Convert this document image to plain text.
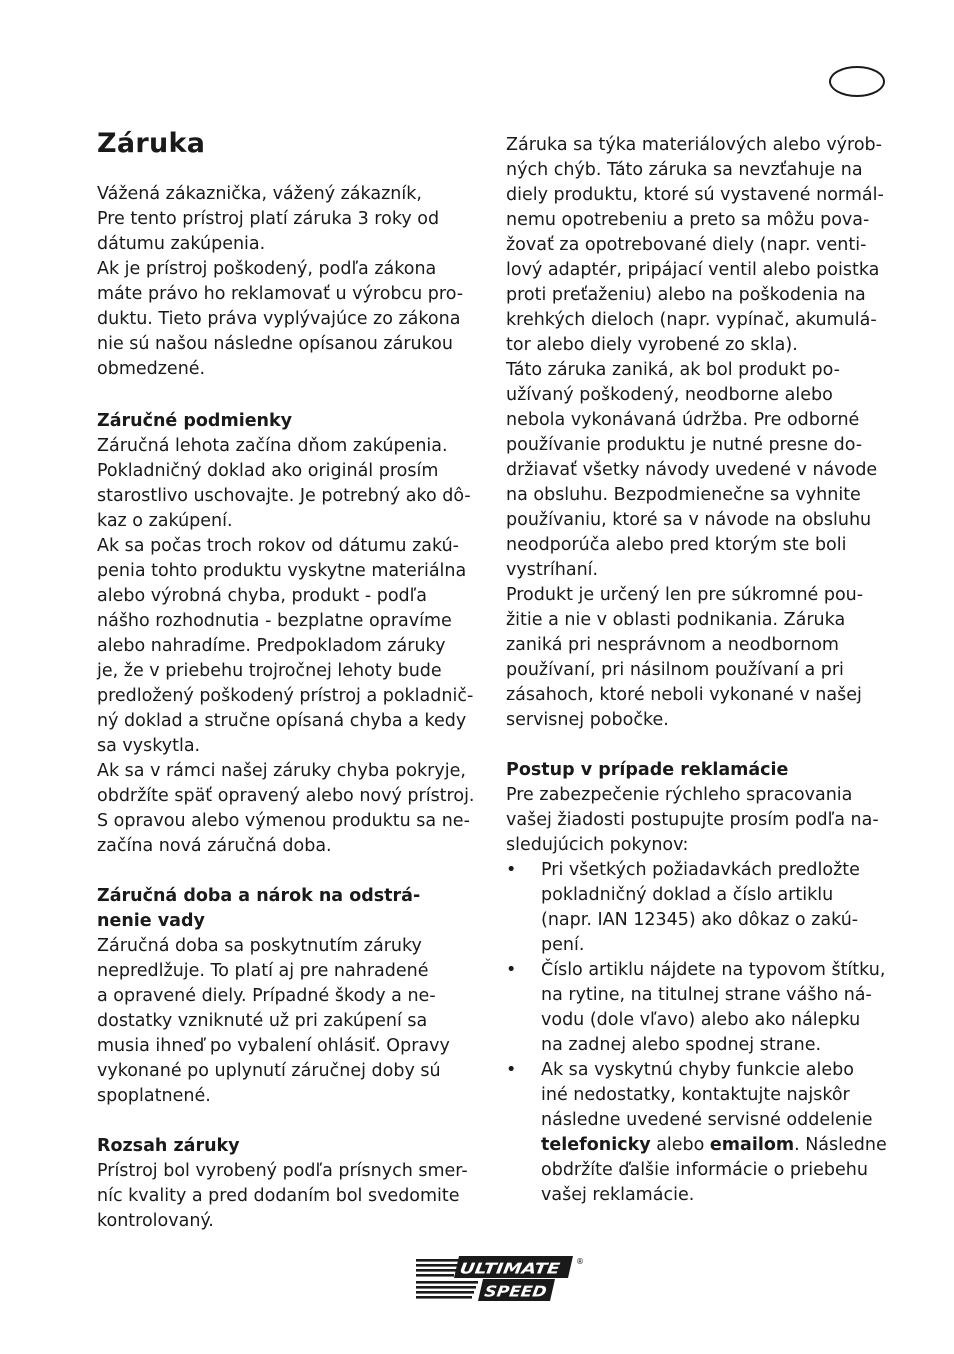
Záruka
Vážená zákaznička, vážený zákazník,
Pre tento prístroj platí záruka 3 roky od
dátumu zakúpenia.
Ak je prístroj poškodený, podľa zákona
máte právo ho reklamovať u výrobcu pro-
duktu. Tieto práva vyplývajúce zo zákona
nie sú našou následne opísanou zárukou
obmedzené.
Záručné podmienky
Záručná lehota začína dňom zakúpenia.
Pokladničný doklad ako originál prosím
starostlivo uschovajte. Je potrebný ako dô-
kaz o zakúpení.
Ak sa počas troch rokov od dátumu zakú-
penia tohto produktu vyskytne materiálna
alebo výrobná chyba, produkt - podľa
nášho rozhodnutia - bezplatne opravíme
alebo nahradíme. Predpokladom záruky
je, že v priebehu trojročnej lehoty bude
predložený poškodený prístroj a pokladnič-
ný doklad a stručne opísaná chyba a kedy
sa vyskytla.
Ak sa v rámci našej záruky chyba pokryje,
obdržíte späť opravený alebo nový prístroj.
S opravou alebo výmenou produktu sa ne-
začína nová záručná doba.
Záručná doba a nárok na odstrá-
nenie vady
Záručná doba sa poskytnutím záruky
nepredlžuje. To platí aj pre nahradené
a opravené diely. Prípadné škody a ne-
dostatky vzniknuté už pri zakúpení sa
musia ihneď po vybalení ohlásiť. Opravy
vykonané po uplynutí záručnej doby sú
spoplatnené.
Rozsah záruky
Prístroj bol vyrobený podľa prísnych smer-
níc kvality a pred dodaním bol svedomite
kontrolovaný.
Záruka sa týka materiálových alebo výrob-
ných chýb. Táto záruka sa nevzťahuje na
diely produktu, ktoré sú vystavené normál-
nemu opotrebeniu a preto sa môžu pova-
žovať za opotrebované diely (napr. venti-
lový adaptér, pripájací ventil alebo poistka
proti preťaženiu) alebo na poškodenia na
krehkých dieloch (napr. vypínač, akumulá-
tor alebo diely vyrobené zo skla).
Táto záruka zaniká, ak bol produkt po-
užívaný poškodený, neodborne alebo
nebola vykonávaná údržba. Pre odborné
používanie produktu je nutné presne do-
držiavať všetky návody uvedené v návode
na obsluhu. Bezpodmienečne sa vyhnite
používaniu, ktoré sa v návode na obsluhu
neodporúča alebo pred ktorým ste boli
vystríhaní.
Produkt je určený len pre súkromné pou-
žitie a nie v oblasti podnikania. Záruka
zaniká pri nesprávnom a neodbornom
používaní, pri násilnom používaní a pri
zásahoch, ktoré neboli vykonané v našej
servisnej pobočke.
Postup v prípade reklamácie
Pre zabezpečenie rýchleho spracovania
vašej žiadosti postupujte prosím podľa na-
sledujúcich pokynov:
•	Pri všetkých požiadavkách predložte
pokladničný doklad a číslo artiklu
(napr. IAN 12345) ako dôkaz o zakú-
pení.
•	Číslo artiklu nájdete na typovom štítku,
na rytine, na titulnej strane vášho ná-
vodu (dole vľavo) alebo ako nálepku
na zadnej alebo spodnej strane.
•	Ak sa vyskytnú chyby funkcie alebo
iné nedostatky, kontaktujte najskôr
následne uvedené servisné oddelenie
telefonicky alebo emailom. Následne
obdržíte ďalšie informácie o priebehu
vašej reklamácie.
ULTIMATE
SPEED
®
